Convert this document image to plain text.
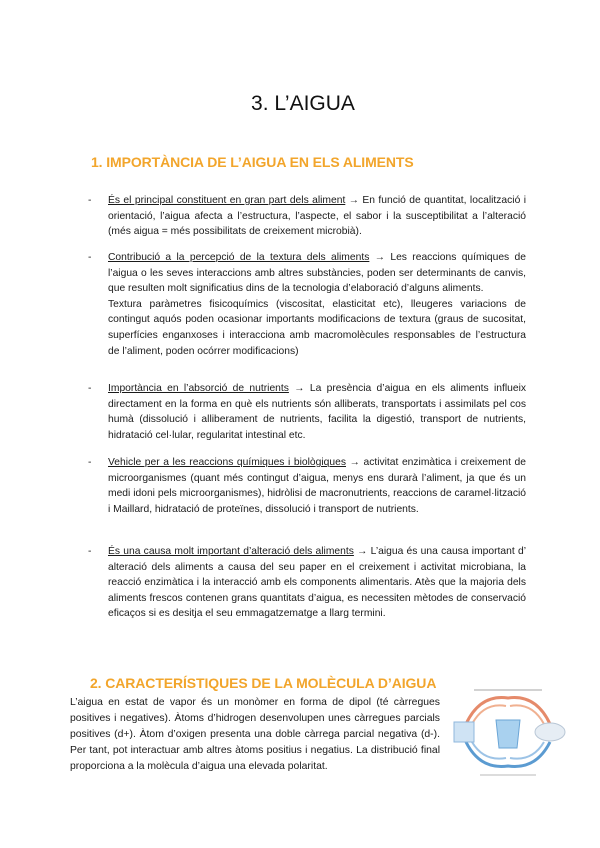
3. L’AIGUA
1. IMPORTÀNCIA DE L’AIGUA EN ELS ALIMENTS
-	És el principal constituent en gran part dels aliment → En funció de quantitat, localització i orientació, l’aigua afecta a l’estructura, l’aspecte, el sabor i la susceptibilitat a l’alteració (més aigua = més possibilitats de creixement microbià).
-	Contribució a la percepció de la textura dels aliments → Les reaccions químiques de l’aigua o les seves interaccions amb altres substàncies, poden ser determinants de canvis, que resulten molt significatius dins de la tecnologia d’elaboració d’alguns aliments.

Textura paràmetres fisicoquímics (viscositat, elasticitat etc), lleugeres variacions de contingut aquós poden ocasionar importants modificacions de textura (graus de sucositat, superfícies enganxoses i interacciona amb macromolècules responsables de l’estructura de l’aliment, poden ocórrer modificacions)

-	Importància en l’absorció de nutrients → La presència d’aigua en els aliments influeix directament en la forma en què els nutrients són alliberats, transportats i assimilats pel cos humà (dissolució i alliberament de nutrients, facilita la digestió, transport de nutrients, hidratació cel·lular, regularitat intestinal etc.
-	Vehicle per a les reaccions químiques i biològiques → activitat enzimàtica i creixement de microorganismes (quant més contingut d’aigua, menys ens durarà l’aliment, ja que és un medi idoni pels microorganismes), hidròlisi de macronutrients, reaccions de caramel·lització i Maillard, hidratació de proteïnes, dissolució i transport de nutrients.
-	És una causa molt important d’alteració dels aliments → L’aigua és una causa important d’ alteració dels aliments a causa del seu paper en el creixement i activitat microbiana, la reacció enzimàtica i la interacció amb els components alimentaris. Atès que la majoria dels aliments frescos contenen grans quantitats d’aigua, es necessiten mètodes de conservació eficaços si es desitja el seu emmagatzematge a llarg termini.
2. CARACTERÍSTIQUES DE LA MOLÈCULA D’AIGUA

L’aigua en estat de vapor és un monòmer en forma de dipol (té càrregues positives i negatives). Àtoms d’hidrogen desenvolupen unes càrregues parcials positives (d+). Àtom d’oxigen presenta una doble càrrega parcial negativa (d-). Per tant, pot interactuar amb altres àtoms positius i negatius. La distribució final proporciona a la molècula d’aigua una elevada polaritat.
